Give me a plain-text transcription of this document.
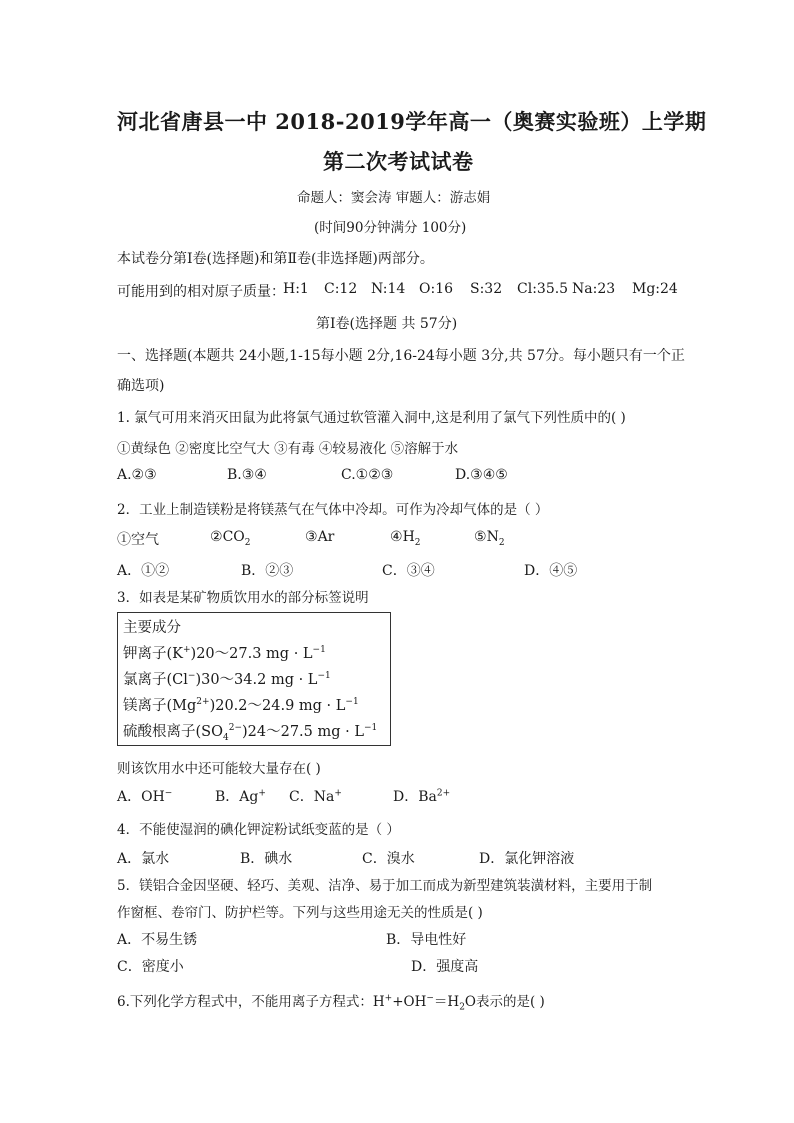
河北省唐县一中 2018-2019学年高一（奥赛实验班）上学期
第二次考试试卷
命题人：窦会涛 审题人：游志娟
(时间90分钟满分 100分)
本试卷分第Ⅰ卷(选择题)和第Ⅱ卷(非选择题)两部分。
可能用到的相对原子质量：
H:1 C:12 N:14 O:16 S:32 Cl:35.5 Na:23 Mg:24
第Ⅰ卷(选择题 共 57分)
一、选择题(本题共 24小题,1-15每小题 2分,16-24每小题 3分,共 57分。每小题只有一个正
确选项)
1. 氯气可用来消灭田鼠为此将氯气通过软管灌入洞中,这是利用了氯气下列性质中的( )
①黄绿色 ②密度比空气大 ③有毒 ④较易液化 ⑤溶解于水
A.②③	B.③④	C.①②③	D.③④⑤
2．工业上制造镁粉是将镁蒸气在气体中冷却。可作为冷却气体的是（ ）
①空气	$②CO_2$	③Ar	$④H_2$	$⑤N_2$
A．①②	B．②③	C．③④	D．④⑤
3．如表是某矿物质饮用水的部分标签说明
主要成分
钾离子(K+)20～27.3 mg · $L^{-1}$
氯离子(Cl−)30～34.2 mg · $L^{-1}$
镁离子$(Mg^{2+})20.2\sim 24.9$ mg · $L^{-1}$
硫酸根离子$(SO_4^{2-})24\sim 27.5$ mg · $L^{-1}$
则该饮用水中还可能较大量存在( )
A．OH−	B．Ag+ C．Na+	D．$Ba^{2+}$
4．不能使湿润的碘化钾淀粉试纸变蓝的是（ ）
A．氯水	B．碘水	C．溴水	D．氯化钾溶液
5．镁铝合金因坚硬、轻巧、美观、洁净、易于加工而成为新型建筑装潢材料，主要用于制
作窗框、卷帘门、防护栏等。下列与这些用途无关的性质是( )
A．不易生锈	B．导电性好
C．密度小	D．强度高
6.下列化学方程式中，不能用离子方程式：$H^++OH^-=H_2O$表示的是( )
